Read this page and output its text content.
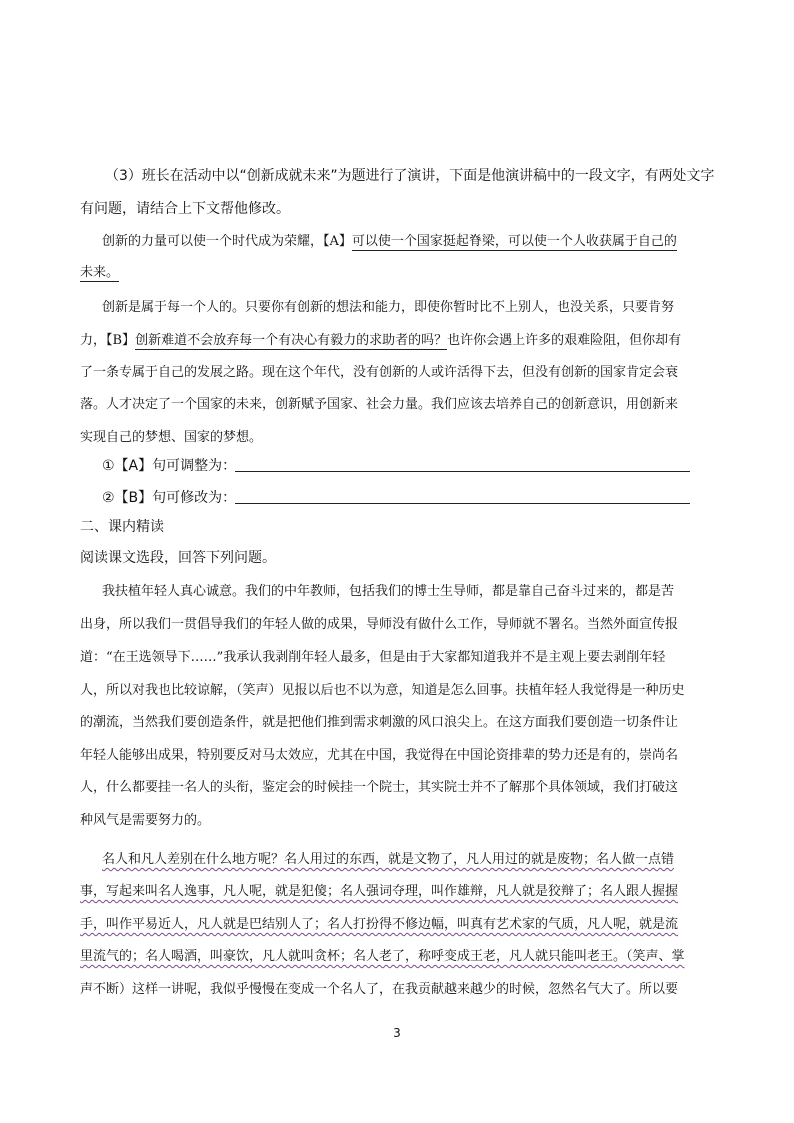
（3）班长在活动中以“创新成就未来”为题进行了演讲，下面是他演讲稿中的一段文字，有两处文字
有问题，请结合上下文帮他修改。
创新的力量可以使一个时代成为荣耀，【A】可以使一个国家挺起脊梁，可以使一个人收获属于自己的
未来。
创新是属于每一个人的。只要你有创新的想法和能力，即使你暂时比不上别人，也没关系，只要肯努
力，【B】创新难道不会放弃每一个有决心有毅力的求助者的吗？也许你会遇上许多的艰难险阻，但你却有
了一条专属于自己的发展之路。现在这个年代，没有创新的人或许活得下去，但没有创新的国家肯定会衰
落。人才决定了一个国家的未来，创新赋予国家、社会力量。我们应该去培养自己的创新意识，用创新来
实现自己的梦想、国家的梦想。
①【A】句可调整为：
②【B】句可修改为：
二、课内精读
阅读课文选段，回答下列问题。
我扶植年轻人真心诚意。我们的中年教师，包括我们的博士生导师，都是靠自己奋斗过来的，都是苦
出身，所以我们一贯倡导我们的年轻人做的成果，导师没有做什么工作，导师就不署名。当然外面宣传报
道：“在王选领导下……”我承认我剥削年轻人最多，但是由于大家都知道我并不是主观上要去剥削年轻
人，所以对我也比较谅解，（笑声）见报以后也不以为意，知道是怎么回事。扶植年轻人我觉得是一种历史
的潮流，当然我们要创造条件，就是把他们推到需求刺激的风口浪尖上。在这方面我们要创造一切条件让
年轻人能够出成果，特别要反对马太效应，尤其在中国，我觉得在中国论资排辈的势力还是有的，崇尚名
人，什么都要挂一名人的头衔，鉴定会的时候挂一个院士，其实院士并不了解那个具体领域，我们打破这
种风气是需要努力的。
名人和凡人差别在什么地方呢？名人用过的东西，就是文物了，凡人用过的就是废物；名人做一点错
事，写起来叫名人逸事，凡人呢，就是犯傻；名人强词夺理，叫作雄辩，凡人就是狡辩了；名人跟人握握
手，叫作平易近人，凡人就是巴结别人了；名人打扮得不修边幅，叫真有艺术家的气质，凡人呢，就是流
里流气的；名人喝酒，叫豪饮，凡人就叫贪杯；名人老了，称呼变成王老，凡人就只能叫老王。（笑声、掌
声不断）这样一讲呢，我似乎慢慢在变成一个名人了，在我贡献越来越少的时候，忽然名气大了。所以要
3
